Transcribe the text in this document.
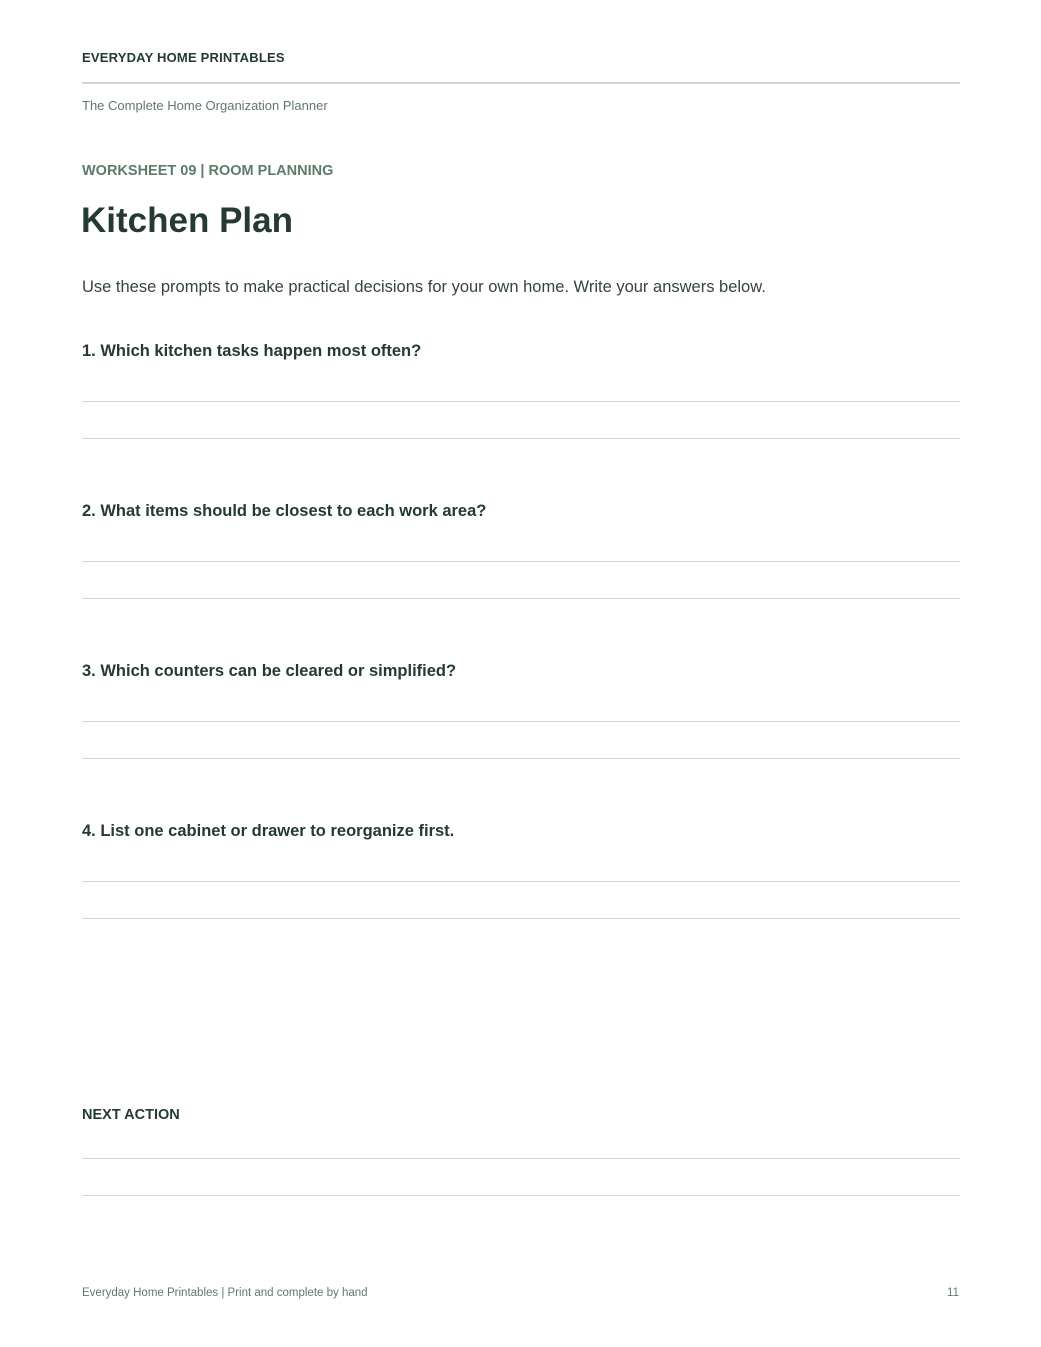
EVERYDAY HOME PRINTABLES

The Complete Home Organization Planner

WORKSHEET 09 | ROOM PLANNING

Kitchen Plan

Use these prompts to make practical decisions for your own home. Write your answers below.

1. Which kitchen tasks happen most often?

2. What items should be closest to each work area?

3. Which counters can be cleared or simplified?

4. List one cabinet or drawer to reorganize first.

NEXT ACTION

Everyday Home Printables | Print and complete by hand	11
